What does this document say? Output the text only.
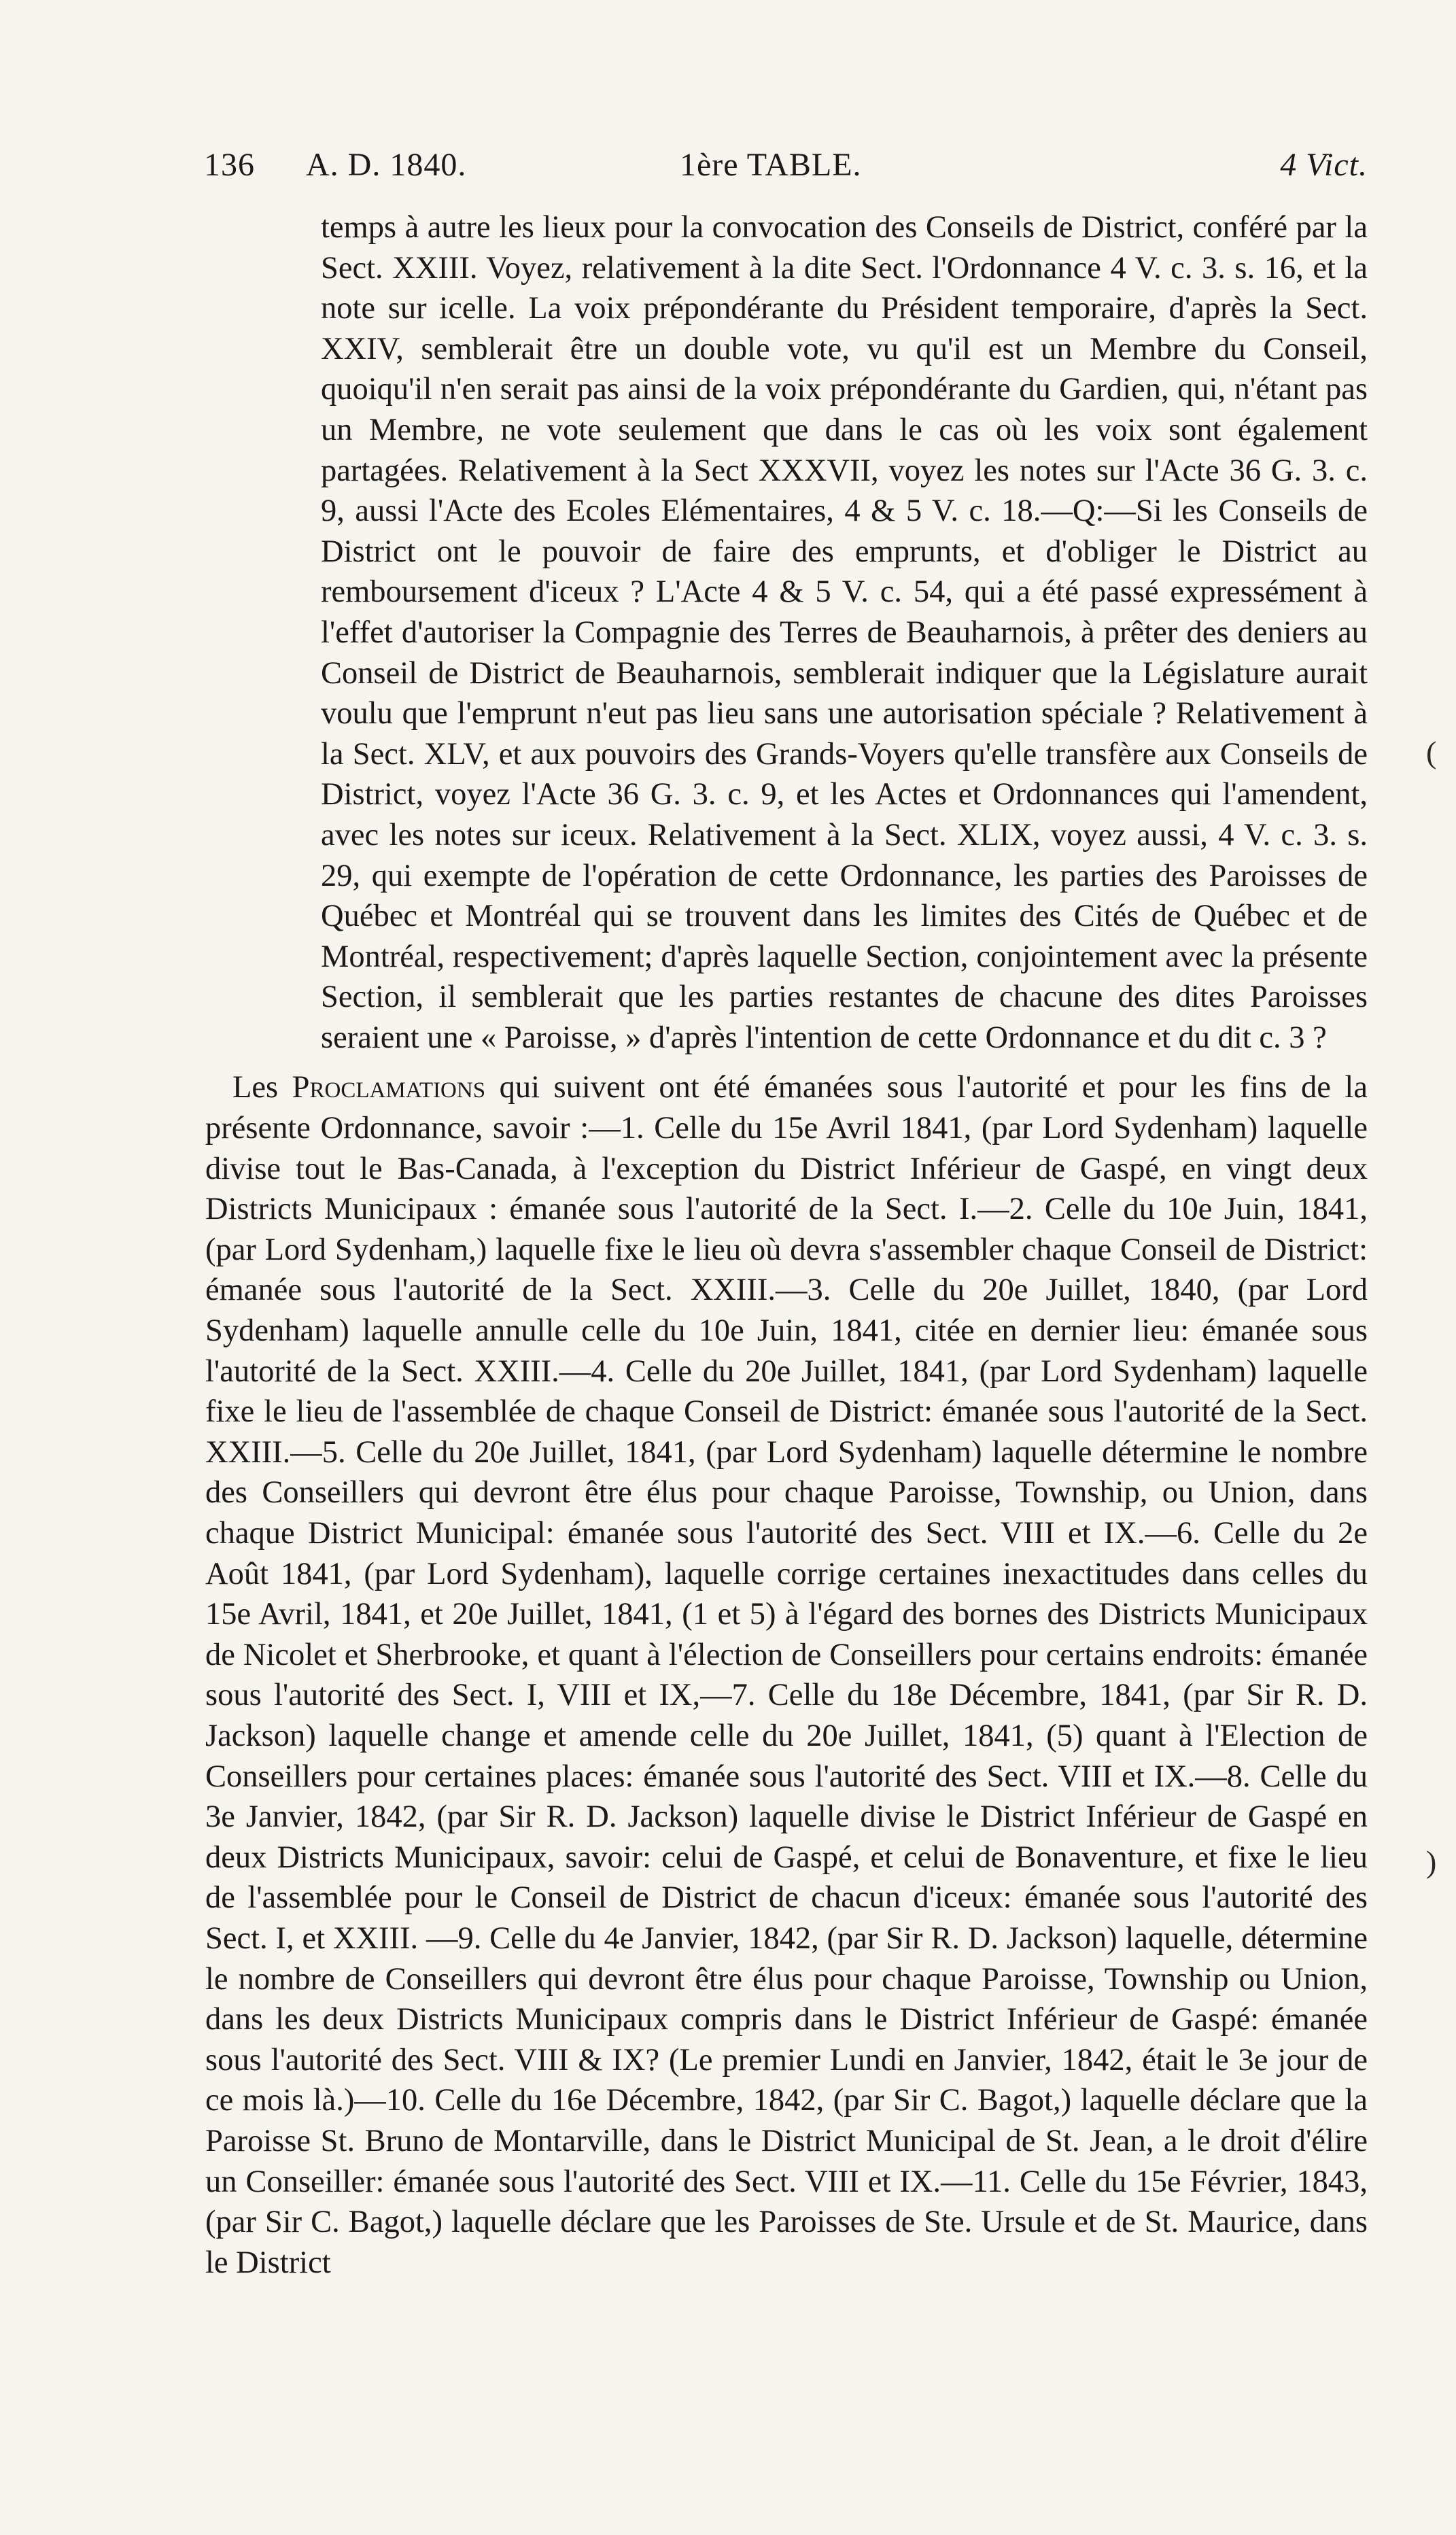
136 A. D. 1840.	1ère TABLE.	4 Vict.

temps à autre les lieux pour la convocation des Conseils de District, conféré par la Sect. XXIII. Voyez, relativement à la dite Sect. l'Ordonnance 4 V. c. 3. s. 16, et la note sur icelle. La voix prépondérante du Président temporaire, d'après la Sect. XXIV, semblerait être un double vote, vu qu'il est un Membre du Conseil, quoiqu'il n'en serait pas ainsi de la voix prépondérante du Gardien, qui, n'étant pas un Membre, ne vote seulement que dans le cas où les voix sont également partagées. Relativement à la Sect XXXVII, voyez les notes sur l'Acte 36 G. 3. c. 9, aussi l'Acte des Ecoles Elémentaires, 4 & 5 V. c. 18.—Q:—Si les Conseils de District ont le pouvoir de faire des emprunts, et d'obliger le District au remboursement d'iceux ? L'Acte 4 & 5 V. c. 54, qui a été passé expressément à l'effet d'autoriser la Compagnie des Terres de Beauharnois, à prêter des deniers au Conseil de District de Beauharnois, semblerait indiquer que la Législature aurait voulu que l'emprunt n'eut pas lieu sans une autorisation spéciale ? Relativement à la Sect. XLV, et aux pouvoirs des Grands-Voyers qu'elle transfère aux Conseils de District, voyez l'Acte 36 G. 3. c. 9, et les Actes et Ordonnances qui l'amendent, avec les notes sur iceux. Relativement à la Sect. XLIX, voyez aussi, 4 V. c. 3. s. 29, qui exempte de l'opération de cette Ordonnance, les parties des Paroisses de Québec et Montréal qui se trouvent dans les limites des Cités de Québec et de Montréal, respectivement; d'après laquelle Section, conjointement avec la présente Section, il semblerait que les parties restantes de chacune des dites Paroisses seraient une « Paroisse, » d'après l'intention de cette Ordonnance et du dit c. 3 ?

Les Proclamations qui suivent ont été émanées sous l'autorité et pour les fins de la présente Ordonnance, savoir :—1. Celle du 15e Avril 1841, (par Lord Sydenham) laquelle divise tout le Bas-Canada, à l'exception du District Inférieur de Gaspé, en vingt deux Districts Municipaux : émanée sous l'autorité de la Sect. I.—2. Celle du 10e Juin, 1841, (par Lord Sydenham,) laquelle fixe le lieu où devra s'assembler chaque Conseil de District: émanée sous l'autorité de la Sect. XXIII.—3. Celle du 20e Juillet, 1840, (par Lord Sydenham) laquelle annulle celle du 10e Juin, 1841, citée en dernier lieu: émanée sous l'autorité de la Sect. XXIII.—4. Celle du 20e Juillet, 1841, (par Lord Sydenham) laquelle fixe le lieu de l'assemblée de chaque Conseil de District: émanée sous l'autorité de la Sect. XXIII.—5. Celle du 20e Juillet, 1841, (par Lord Sydenham) laquelle détermine le nombre des Conseillers qui devront être élus pour chaque Paroisse, Township, ou Union, dans chaque District Municipal: émanée sous l'autorité des Sect. VIII et IX.—6. Celle du 2e Août 1841, (par Lord Sydenham), laquelle corrige certaines inexactitudes dans celles du 15e Avril, 1841, et 20e Juillet, 1841, (1 et 5) à l'égard des bornes des Districts Municipaux de Nicolet et Sherbrooke, et quant à l'élection de Conseillers pour certains endroits: émanée sous l'autorité des Sect. I, VIII et IX,—7. Celle du 18e Décembre, 1841, (par Sir R. D. Jackson) laquelle change et amende celle du 20e Juillet, 1841, (5) quant à l'Election de Conseillers pour certaines places: émanée sous l'autorité des Sect. VIII et IX.—8. Celle du 3e Janvier, 1842, (par Sir R. D. Jackson) laquelle divise le District Inférieur de Gaspé en deux Districts Municipaux, savoir: celui de Gaspé, et celui de Bonaventure, et fixe le lieu de l'assemblée pour le Conseil de District de chacun d'iceux: émanée sous l'autorité des Sect. I, et XXIII. —9. Celle du 4e Janvier, 1842, (par Sir R. D. Jackson) laquelle, détermine le nombre de Conseillers qui devront être élus pour chaque Paroisse, Township ou Union, dans les deux Districts Municipaux compris dans le District Inférieur de Gaspé: émanée sous l'autorité des Sect. VIII & IX? (Le premier Lundi en Janvier, 1842, était le 3e jour de ce mois là.)—10. Celle du 16e Décembre, 1842, (par Sir C. Bagot,) laquelle déclare que la Paroisse St. Bruno de Montarville, dans le District Municipal de St. Jean, a le droit d'élire un Conseiller: émanée sous l'autorité des Sect. VIII et IX.—11. Celle du 15e Février, 1843, (par Sir C. Bagot,) laquelle déclare que les Paroisses de Ste. Ursule et de St. Maurice, dans le District

(
)
